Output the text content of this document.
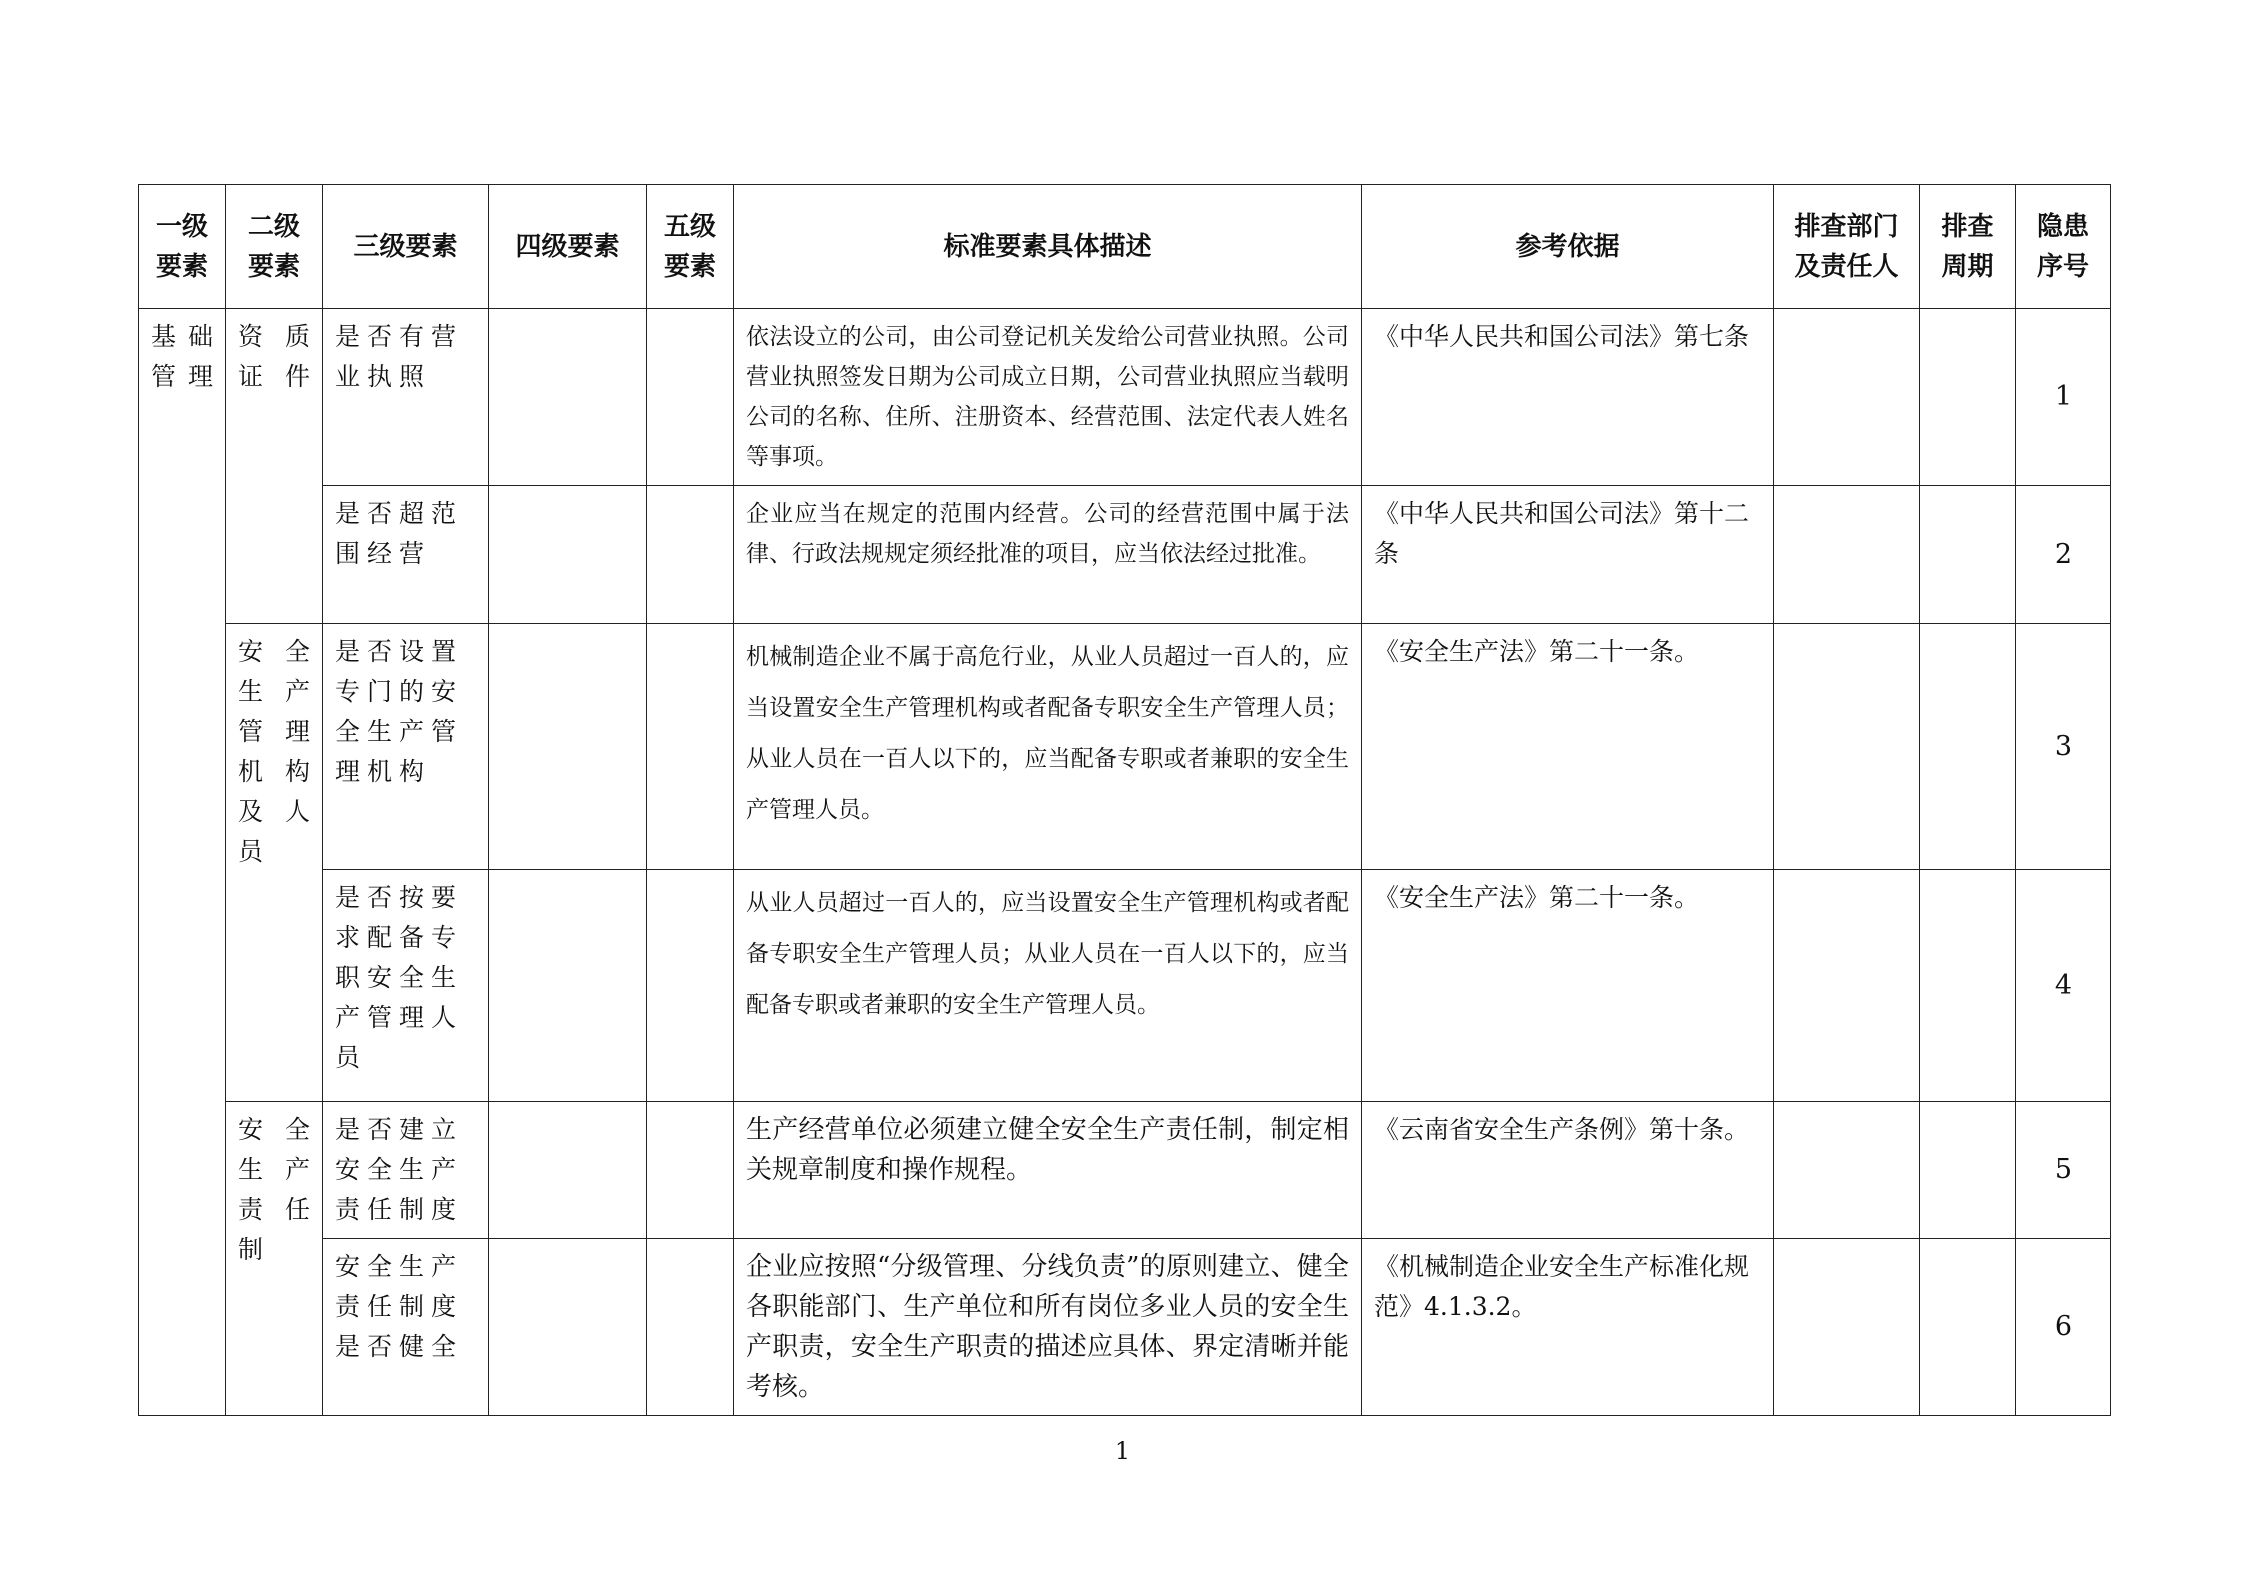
一级要素	二级要素	三级要素	四级要素	五级要素	标准要素具体描述	参考依据	排查部门及责任人	排查周期	隐患序号
基础管理	资质证件	是否有营业执照			依法设立的公司，由公司登记机关发给公司营业执照。公司营业执照签发日期为公司成立日期，公司营业执照应当载明公司的名称、住所、注册资本、经营范围、法定代表人姓名等事项。	《中华人民共和国公司法》第七条			1
		是否超范围经营			企业应当在规定的范围内经营。公司的经营范围中属于法律、行政法规规定须经批准的项目，应当依法经过批准。	《中华人民共和国公司法》第十二条			2
	安全生产管理机构及人员	是否设置专门的安全生产管理机构			机械制造企业不属于高危行业，从业人员超过一百人的，应当设置安全生产管理机构或者配备专职安全生产管理人员；从业人员在一百人以下的，应当配备专职或者兼职的安全生产管理人员。	《安全生产法》第二十一条。			3
		是否按要求配备专职安全生产管理人员			从业人员超过一百人的，应当设置安全生产管理机构或者配备专职安全生产管理人员；从业人员在一百人以下的，应当配备专职或者兼职的安全生产管理人员。	《安全生产法》第二十一条。			4
	安全生产责任制	是否建立安全生产责任制度			生产经营单位必须建立健全安全生产责任制，制定相关规章制度和操作规程。	《云南省安全生产条例》第十条。			5
		安全生产责任制度是否健全			企业应按照“分级管理、分线负责”的原则建立、健全各职能部门、生产单位和所有岗位多业人员的安全生产职责，安全生产职责的描述应具体、界定清晰并能考核。	《机械制造企业安全生产标准化规范》4.1.3.2。			6
1
